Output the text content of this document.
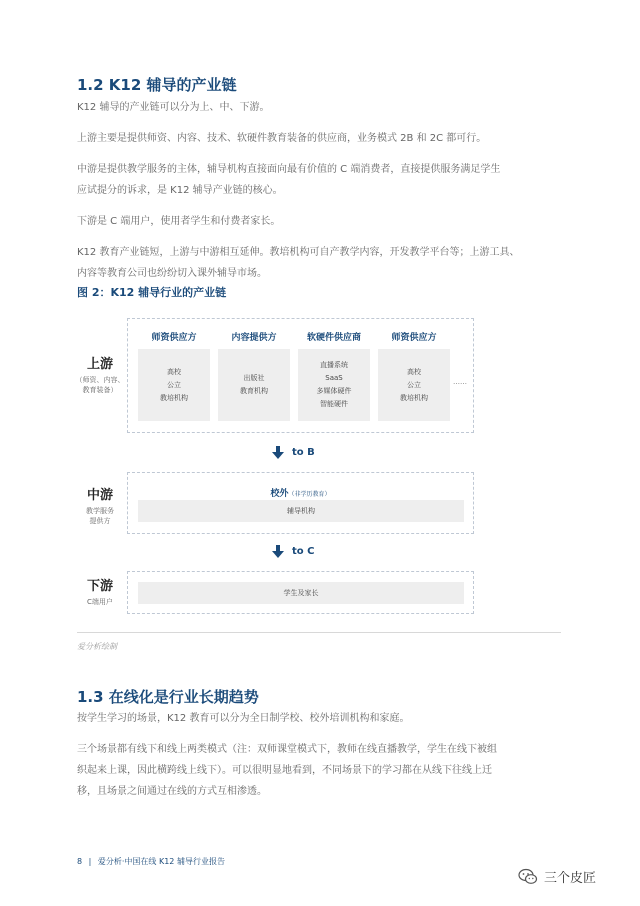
1.2 K12 辅导的产业链
K12 辅导的产业链可以分为上、中、下游。
上游主要是提供师资、内容、技术、软硬件教育装备的供应商，业务模式 2B 和 2C 都可行。
中游是提供教学服务的主体，辅导机构直接面向最有价值的 C 端消费者，直接提供服务满足学生
应试提分的诉求，是 K12 辅导产业链的核心。
下游是 C 端用户，使用者学生和付费者家长。
K12 教育产业链短，上游与中游相互延伸。教培机构可自产教学内容，开发教学平台等；上游工具、
内容等教育公司也纷纷切入课外辅导市场。
图 2：K12 辅导行业的产业链
上游
（师资、内容、
教育装备）
师资供应方
高校
公立
教培机构
内容提供方
出版社
教育机构
软硬件供应商
直播系统
SaaS
多媒体硬件
智能硬件
师资供应方
高校
公立
教培机构
……
to B
中游
教学服务
提供方
校外（非学历教育）
辅导机构
to C
下游
C端用户
学生及家长
爱分析绘制
1.3 在线化是行业长期趋势
按学生学习的场景，K12 教育可以分为全日制学校、校外培训机构和家庭。
三个场景都有线下和线上两类模式（注：双师课堂模式下，教师在线直播教学，学生在线下被组
织起来上课，因此横跨线上线下）。可以很明显地看到，不同场景下的学习都在从线下往线上迁
移，且场景之间通过在线的方式互相渗透。
8 | 爱分析·中国在线 K12 辅导行业报告
三个皮匠
